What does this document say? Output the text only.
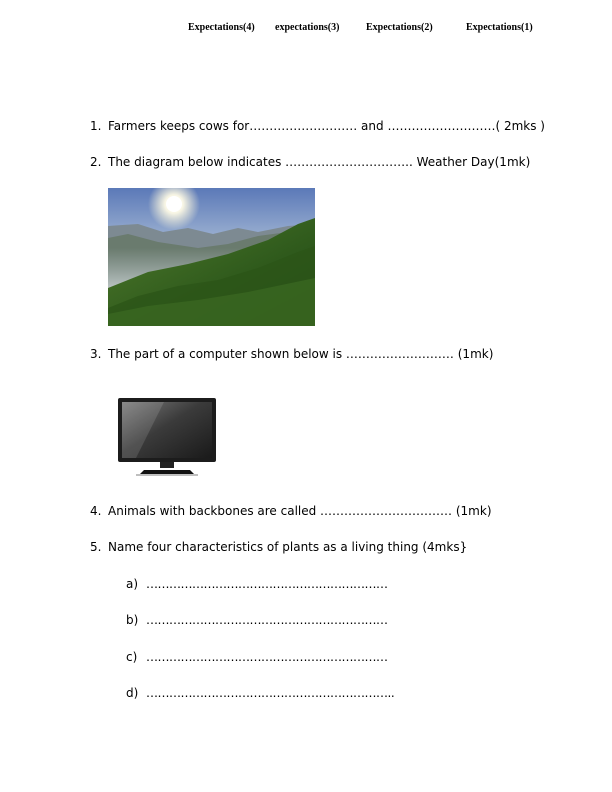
Expectations(4) expectations(3)	Expectations(2)	Expectations(1)
1. Farmers keeps cows for……………………… and ………………………( 2mks )
2. The diagram below indicates ………………………….. Weather Day(1mk)
3. The part of a computer shown below is ……………………… (1mk)
4. Animals with backbones are called …………………………… (1mk)
5. Name four characteristics of plants as a living thing (4mks}
a) ………………………………………………………
b) ………………………………………………………
c) ………………………………………………………
d) ………………………………………………………..
